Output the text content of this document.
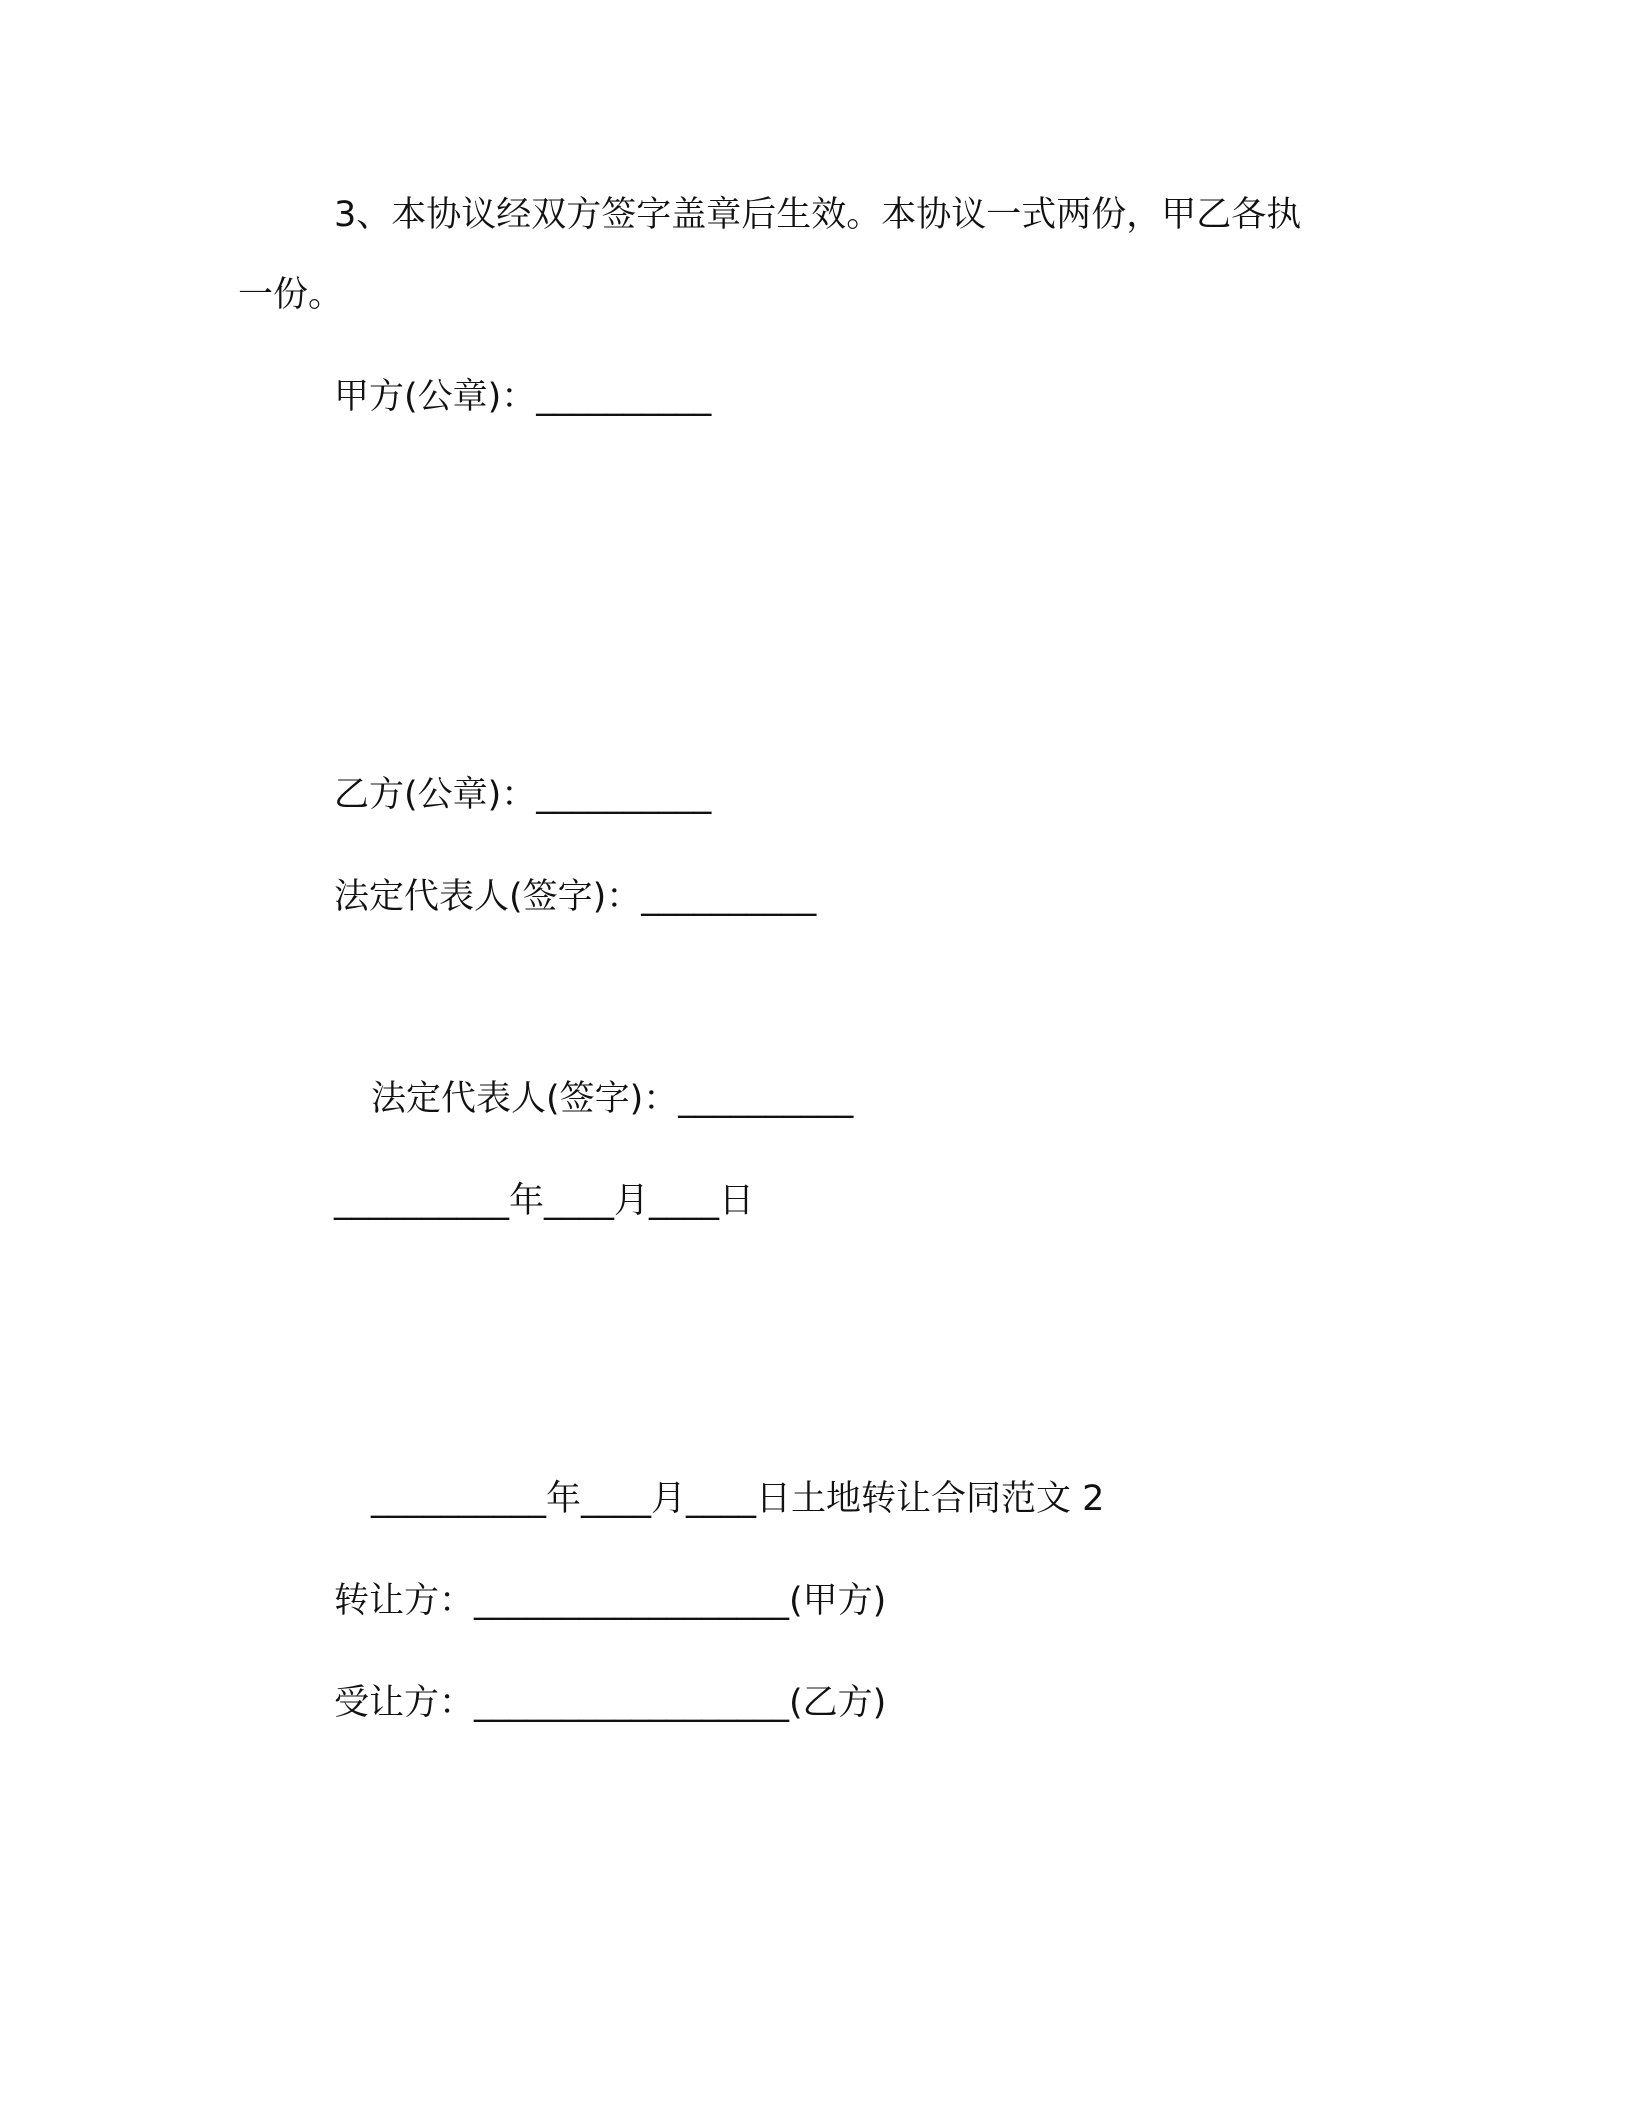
3、本协议经双方签字盖章后生效。本协议一式两份，甲乙各执
一份。
甲方(公章)：__________
乙方(公章)：__________
法定代表人(签字)：__________
法定代表人(签字)：__________
__________年____月____日
__________年____月____日土地转让合同范文 2
转让方：__________________(甲方)
受让方：__________________(乙方)
